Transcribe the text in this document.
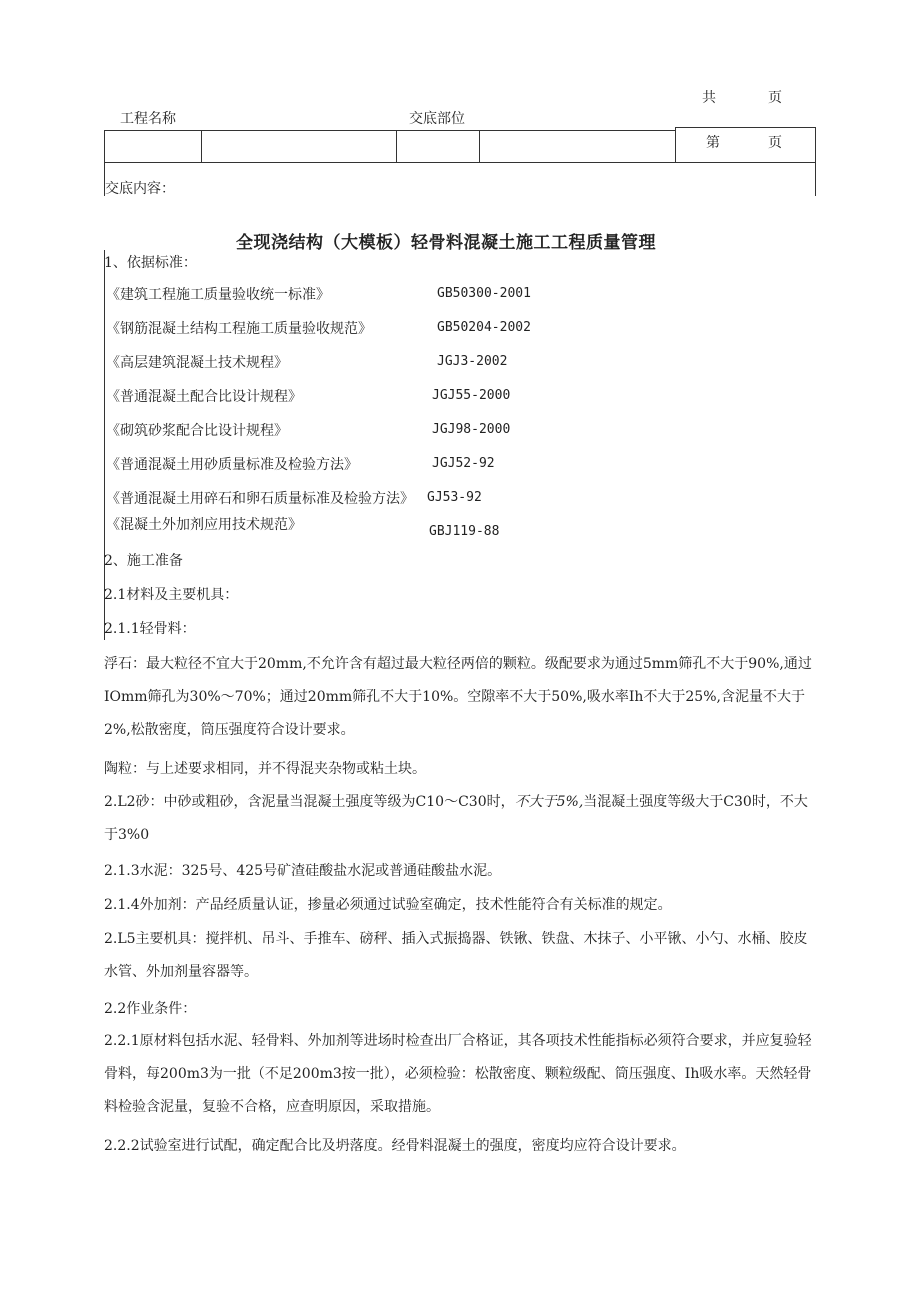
共	页
工程名称	交底部位
第	页
交底内容：
全现浇结构（大模板）轻骨料混凝土施工工程质量管理
1、依据标准：
《建筑工程施工质量验收统一标准》	GB50300-2001
《钢筋混凝土结构工程施工质量验收规范》	GB50204-2002
《高层建筑混凝土技术规程》	JGJ3-2002
《普通混凝土配合比设计规程》	JGJ55-2000
《砌筑砂浆配合比设计规程》	JGJ98-2000
《普通混凝土用砂质量标准及检验方法》	JGJ52-92
《普通混凝土用碎石和卵石质量标准及检验方法》 GJ53-92
《混凝土外加剂应用技术规范》	GBJ119-88
2、施工准备
2.1材料及主要机具：
2.1.1轻骨料：
浮石：最大粒径不宜大于20mm,不允许含有超过最大粒径两倍的颗粒。级配要求为通过5mm筛孔不大于90%,通过IOmm筛孔为30%〜70%；通过20mm筛孔不大于10%。空隙率不大于50%,吸水率Ih不大于25%,含泥量不大于2%,松散密度，筒压强度符合设计要求。
陶粒：与上述要求相同，并不得混夹杂物或粘土块。
2.L2砂：中砂或粗砂，含泥量当混凝土强度等级为C10〜C30时，不大于5%,当混凝土强度等级大于C30时，不大于3%0
2.1.3水泥：325号、425号矿渣硅酸盐水泥或普通硅酸盐水泥。
2.1.4外加剂：产品经质量认证，掺量必须通过试验室确定，技术性能符合有关标准的规定。
2.L5主要机具：搅拌机、吊斗、手推车、磅秤、插入式振捣器、铁锹、铁盘、木抹子、小平锹、小勺、水桶、胶皮水管、外加剂量容器等。
2.2作业条件：
2.2.1原材料包括水泥、轻骨料、外加剂等进场时检查出厂合格证，其各项技术性能指标必须符合要求，并应复验轻骨料，每200m3为一批（不足200m3按一批），必须检验：松散密度、颗粒级配、筒压强度、Ih吸水率。天然轻骨料检验含泥量，复验不合格，应查明原因，采取措施。
2.2.2试验室进行试配，确定配合比及坍落度。经骨料混凝土的强度，密度均应符合设计要求。
